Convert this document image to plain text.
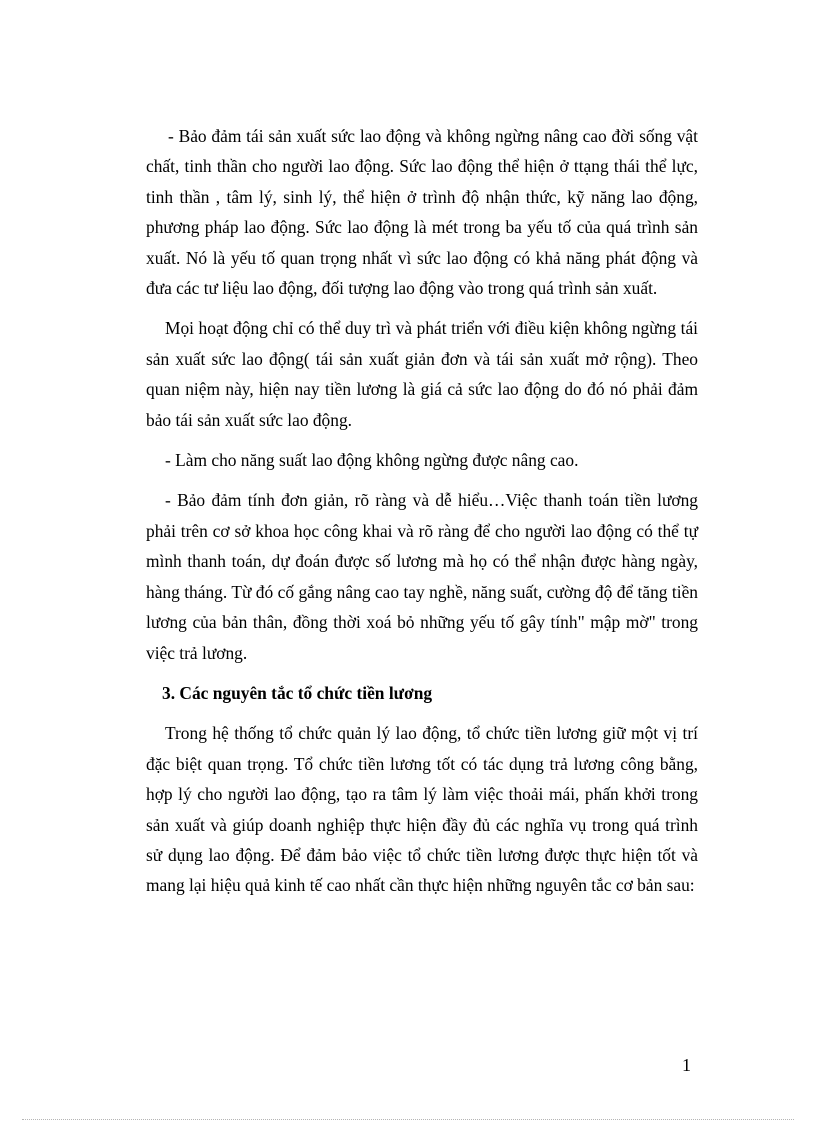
- Bảo đảm tái sản xuất sức lao động và không ngừng nâng cao đời sống vật chất, tinh thần cho người lao động. Sức lao động thể hiện ở ttạng thái thể lực, tinh thần , tâm lý, sinh lý, thể hiện ở trình độ nhận thức, kỹ năng lao động, phương pháp lao động. Sức lao động là mét trong ba yếu tố của quá trình sản xuất. Nó là yếu tố quan trọng nhất vì sức lao động có khả năng phát động và đưa các tư liệu lao động, đối tượng lao động vào trong quá trình sản xuất.

Mọi hoạt động chỉ có thể duy trì và phát triển với điều kiện không ngừng tái sản xuất sức lao động( tái sản xuất giản đơn và tái sản xuất mở rộng). Theo quan niệm này, hiện nay tiền lương là giá cả sức lao động do đó nó phải đảm bảo tái sản xuất sức lao động.

- Làm cho năng suất lao động không ngừng được nâng cao.

- Bảo đảm tính đơn giản, rõ ràng và dễ hiểu…Việc thanh toán tiền lương phải trên cơ sở khoa học công khai và rõ ràng để cho người lao động có thể tự mình thanh toán, dự đoán được số lương mà họ có thể nhận được hàng ngày, hàng tháng. Từ đó cố gắng nâng cao tay nghề, năng suất, cường độ để tăng tiền lương của bản thân, đồng thời xoá bỏ những yếu tố gây tính" mập mờ" trong việc trả lương.

3. Các nguyên tắc tổ chức tiền lương

Trong hệ thống tổ chức quản lý lao động, tổ chức tiền lương giữ một vị trí đặc biệt quan trọng. Tổ chức tiền lương tốt có tác dụng trả lương công bằng, hợp lý cho người lao động, tạo ra tâm lý làm việc thoải mái, phấn khởi trong sản xuất và giúp doanh nghiệp thực hiện đầy đủ các nghĩa vụ trong quá trình sử dụng lao động. Để đảm bảo việc tổ chức tiền lương được thực hiện tốt và mang lại hiệu quả kinh tế cao nhất cần thực hiện những nguyên tắc cơ bản sau:

1
